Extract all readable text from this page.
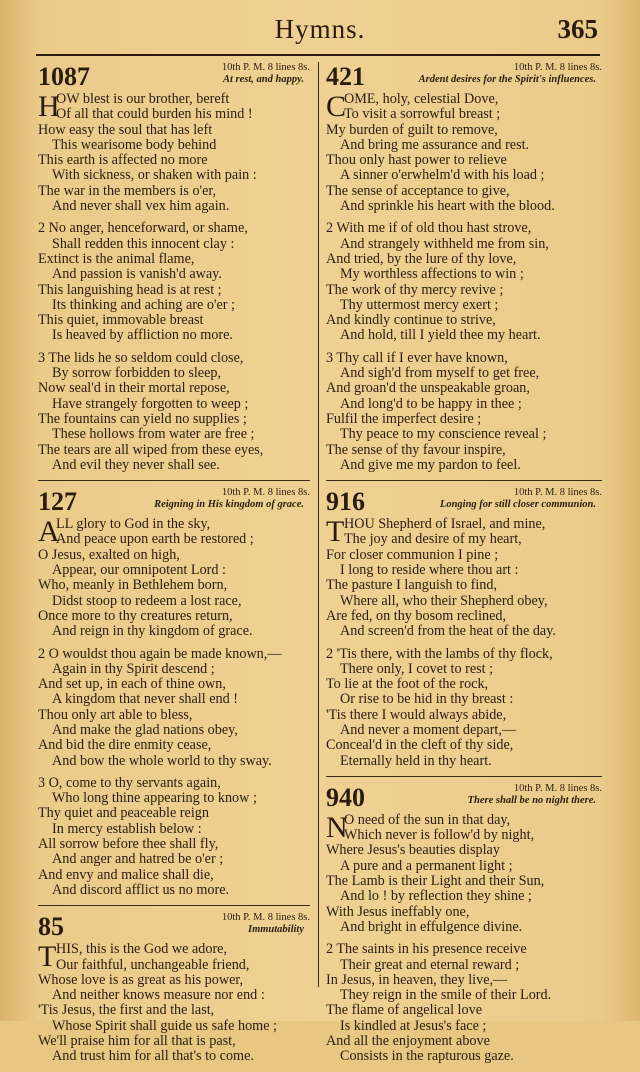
Hymns.	365
1087	10th P. M. 8 lines 8s.
At rest, and happy.
H
OW blest is our brother, bereft
Of all that could burden his mind !
How easy the soul that has left
This wearisome body behind
This earth is affected no more
With sickness, or shaken with pain :
The war in the members is o'er,
And never shall vex him again.
2 No anger, henceforward, or shame,
Shall redden this innocent clay :
Extinct is the animal flame,
And passion is vanish'd away.
This languishing head is at rest ;
Its thinking and aching are o'er ;
This quiet, immovable breast
Is heaved by affliction no more.
3 The lids he so seldom could close,
By sorrow forbidden to sleep,
Now seal'd in their mortal repose,
Have strangely forgotten to weep ;
The fountains can yield no supplies ;
These hollows from water are free ;
The tears are all wiped from these eyes,
And evil they never shall see.
127	10th P. M. 8 lines 8s.
Reigning in His kingdom of grace.
A
LL glory to God in the sky,
And peace upon earth be restored ;
O Jesus, exalted on high,
Appear, our omnipotent Lord :
Who, meanly in Bethlehem born,
Didst stoop to redeem a lost race,
Once more to thy creatures return,
And reign in thy kingdom of grace.
2 O wouldst thou again be made known,—
Again in thy Spirit descend ;
And set up, in each of thine own,
A kingdom that never shall end !
Thou only art able to bless,
And make the glad nations obey,
And bid the dire enmity cease,
And bow the whole world to thy sway.
3 O, come to thy servants again,
Who long thine appearing to know ;
Thy quiet and peaceable reign
In mercy establish below :
All sorrow before thee shall fly,
And anger and hatred be o'er ;
And envy and malice shall die,
And discord afflict us no more.
85	10th P. M. 8 lines 8s.
Immutability
T HIS, this is the God we adore,
Our faithful, unchangeable friend,
Whose love is as great as his power,
And neither knows measure nor end :
'Tis Jesus, the first and the last,
Whose Spirit shall guide us safe home ;
We'll praise him for all that is past,
And trust him for all that's to come.
421	10th P. M. 8 lines 8s.
Ardent desires for the Spirit's influences.
C
OME, holy, celestial Dove,
To visit a sorrowful breast ;
My burden of guilt to remove,
And bring me assurance and rest.
Thou only hast power to relieve
A sinner o'erwhelm'd with his load ;
The sense of acceptance to give,
And sprinkle his heart with the blood.
2 With me if of old thou hast strove,
And strangely withheld me from sin,
And tried, by the lure of thy love,
My worthless affections to win ;
The work of thy mercy revive ;
Thy uttermost mercy exert ;
And kindly continue to strive,
And hold, till I yield thee my heart.
3 Thy call if I ever have known,
And sigh'd from myself to get free,
And groan'd the unspeakable groan,
And long'd to be happy in thee ;
Fulfil the imperfect desire ;
Thy peace to my conscience reveal ;
The sense of thy favour inspire,
And give me my pardon to feel.
916	10th P. M. 8 lines 8s.
Longing for still closer communion.
T HOU Shepherd of Israel, and mine,
The joy and desire of my heart,
For closer communion I pine ;
I long to reside where thou art :
The pasture I languish to find,
Where all, who their Shepherd obey,
Are fed, on thy bosom reclined,
And screen'd from the heat of the day.
2 'Tis there, with the lambs of thy flock,
There only, I covet to rest ;
To lie at the foot of the rock,
Or rise to be hid in thy breast :
'Tis there I would always abide,
And never a moment depart,—
Conceal'd in the cleft of thy side,
Eternally held in thy heart.
940	10th P. M. 8 lines 8s.
There shall be no night there.
N
O need of the sun in that day,
Which never is follow'd by night,
Where Jesus's beauties display
A pure and a permanent light ;
The Lamb is their Light and their Sun,
And lo ! by reflection they shine ;
With Jesus ineffably one,
And bright in effulgence divine.
2 The saints in his presence receive
Their great and eternal reward ;
In Jesus, in heaven, they live,—
They reign in the smile of their Lord.
The flame of angelical love
Is kindled at Jesus's face ;
And all the enjoyment above
Consists in the rapturous gaze.
